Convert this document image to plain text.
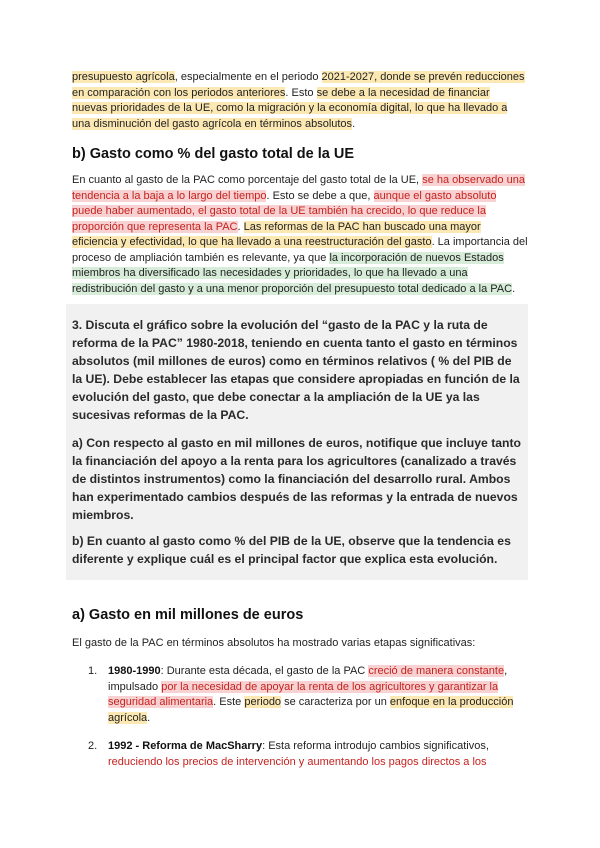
presupuesto agrícola, especialmente en el periodo 2021-2027, donde se prevén reducciones en comparación con los periodos anteriores. Esto se debe a la necesidad de financiar nuevas prioridades de la UE, como la migración y la economía digital, lo que ha llevado a una disminución del gasto agrícola en términos absolutos.

b) Gasto como % del gasto total de la UE

En cuanto al gasto de la PAC como porcentaje del gasto total de la UE, se ha observado una tendencia a la baja a lo largo del tiempo. Esto se debe a que, aunque el gasto absoluto puede haber aumentado, el gasto total de la UE también ha crecido, lo que reduce la proporción que representa la PAC. Las reformas de la PAC han buscado una mayor eficiencia y efectividad, lo que ha llevado a una reestructuración del gasto. La importancia del proceso de ampliación también es relevante, ya que la incorporación de nuevos Estados miembros ha diversificado las necesidades y prioridades, lo que ha llevado a una redistribución del gasto y a una menor proporción del presupuesto total dedicado a la PAC.

3. Discuta el gráfico sobre la evolución del “gasto de la PAC y la ruta de reforma de la PAC” 1980-2018, teniendo en cuenta tanto el gasto en términos absolutos (mil millones de euros) como en términos relativos ( % del PIB de la UE). Debe establecer las etapas que considere apropiadas en función de la evolución del gasto, que debe conectar a la ampliación de la UE ya las sucesivas reformas de la PAC.

a) Con respecto al gasto en mil millones de euros, notifique que incluye tanto la financiación del apoyo a la renta para los agricultores (canalizado a través de distintos instrumentos) como la financiación del desarrollo rural. Ambos han experimentado cambios después de las reformas y la entrada de nuevos miembros.

b) En cuanto al gasto como % del PIB de la UE, observe que la tendencia es diferente y explique cuál es el principal factor que explica esta evolución.

a) Gasto en mil millones de euros

El gasto de la PAC en términos absolutos ha mostrado varias etapas significativas:

1. 1980-1990: Durante esta década, el gasto de la PAC creció de manera constante, impulsado por la necesidad de apoyar la renta de los agricultores y garantizar la seguridad alimentaria. Este periodo se caracteriza por un enfoque en la producción agrícola.

2. 1992 - Reforma de MacSharry: Esta reforma introdujo cambios significativos, reduciendo los precios de intervención y aumentando los pagos directos a los
